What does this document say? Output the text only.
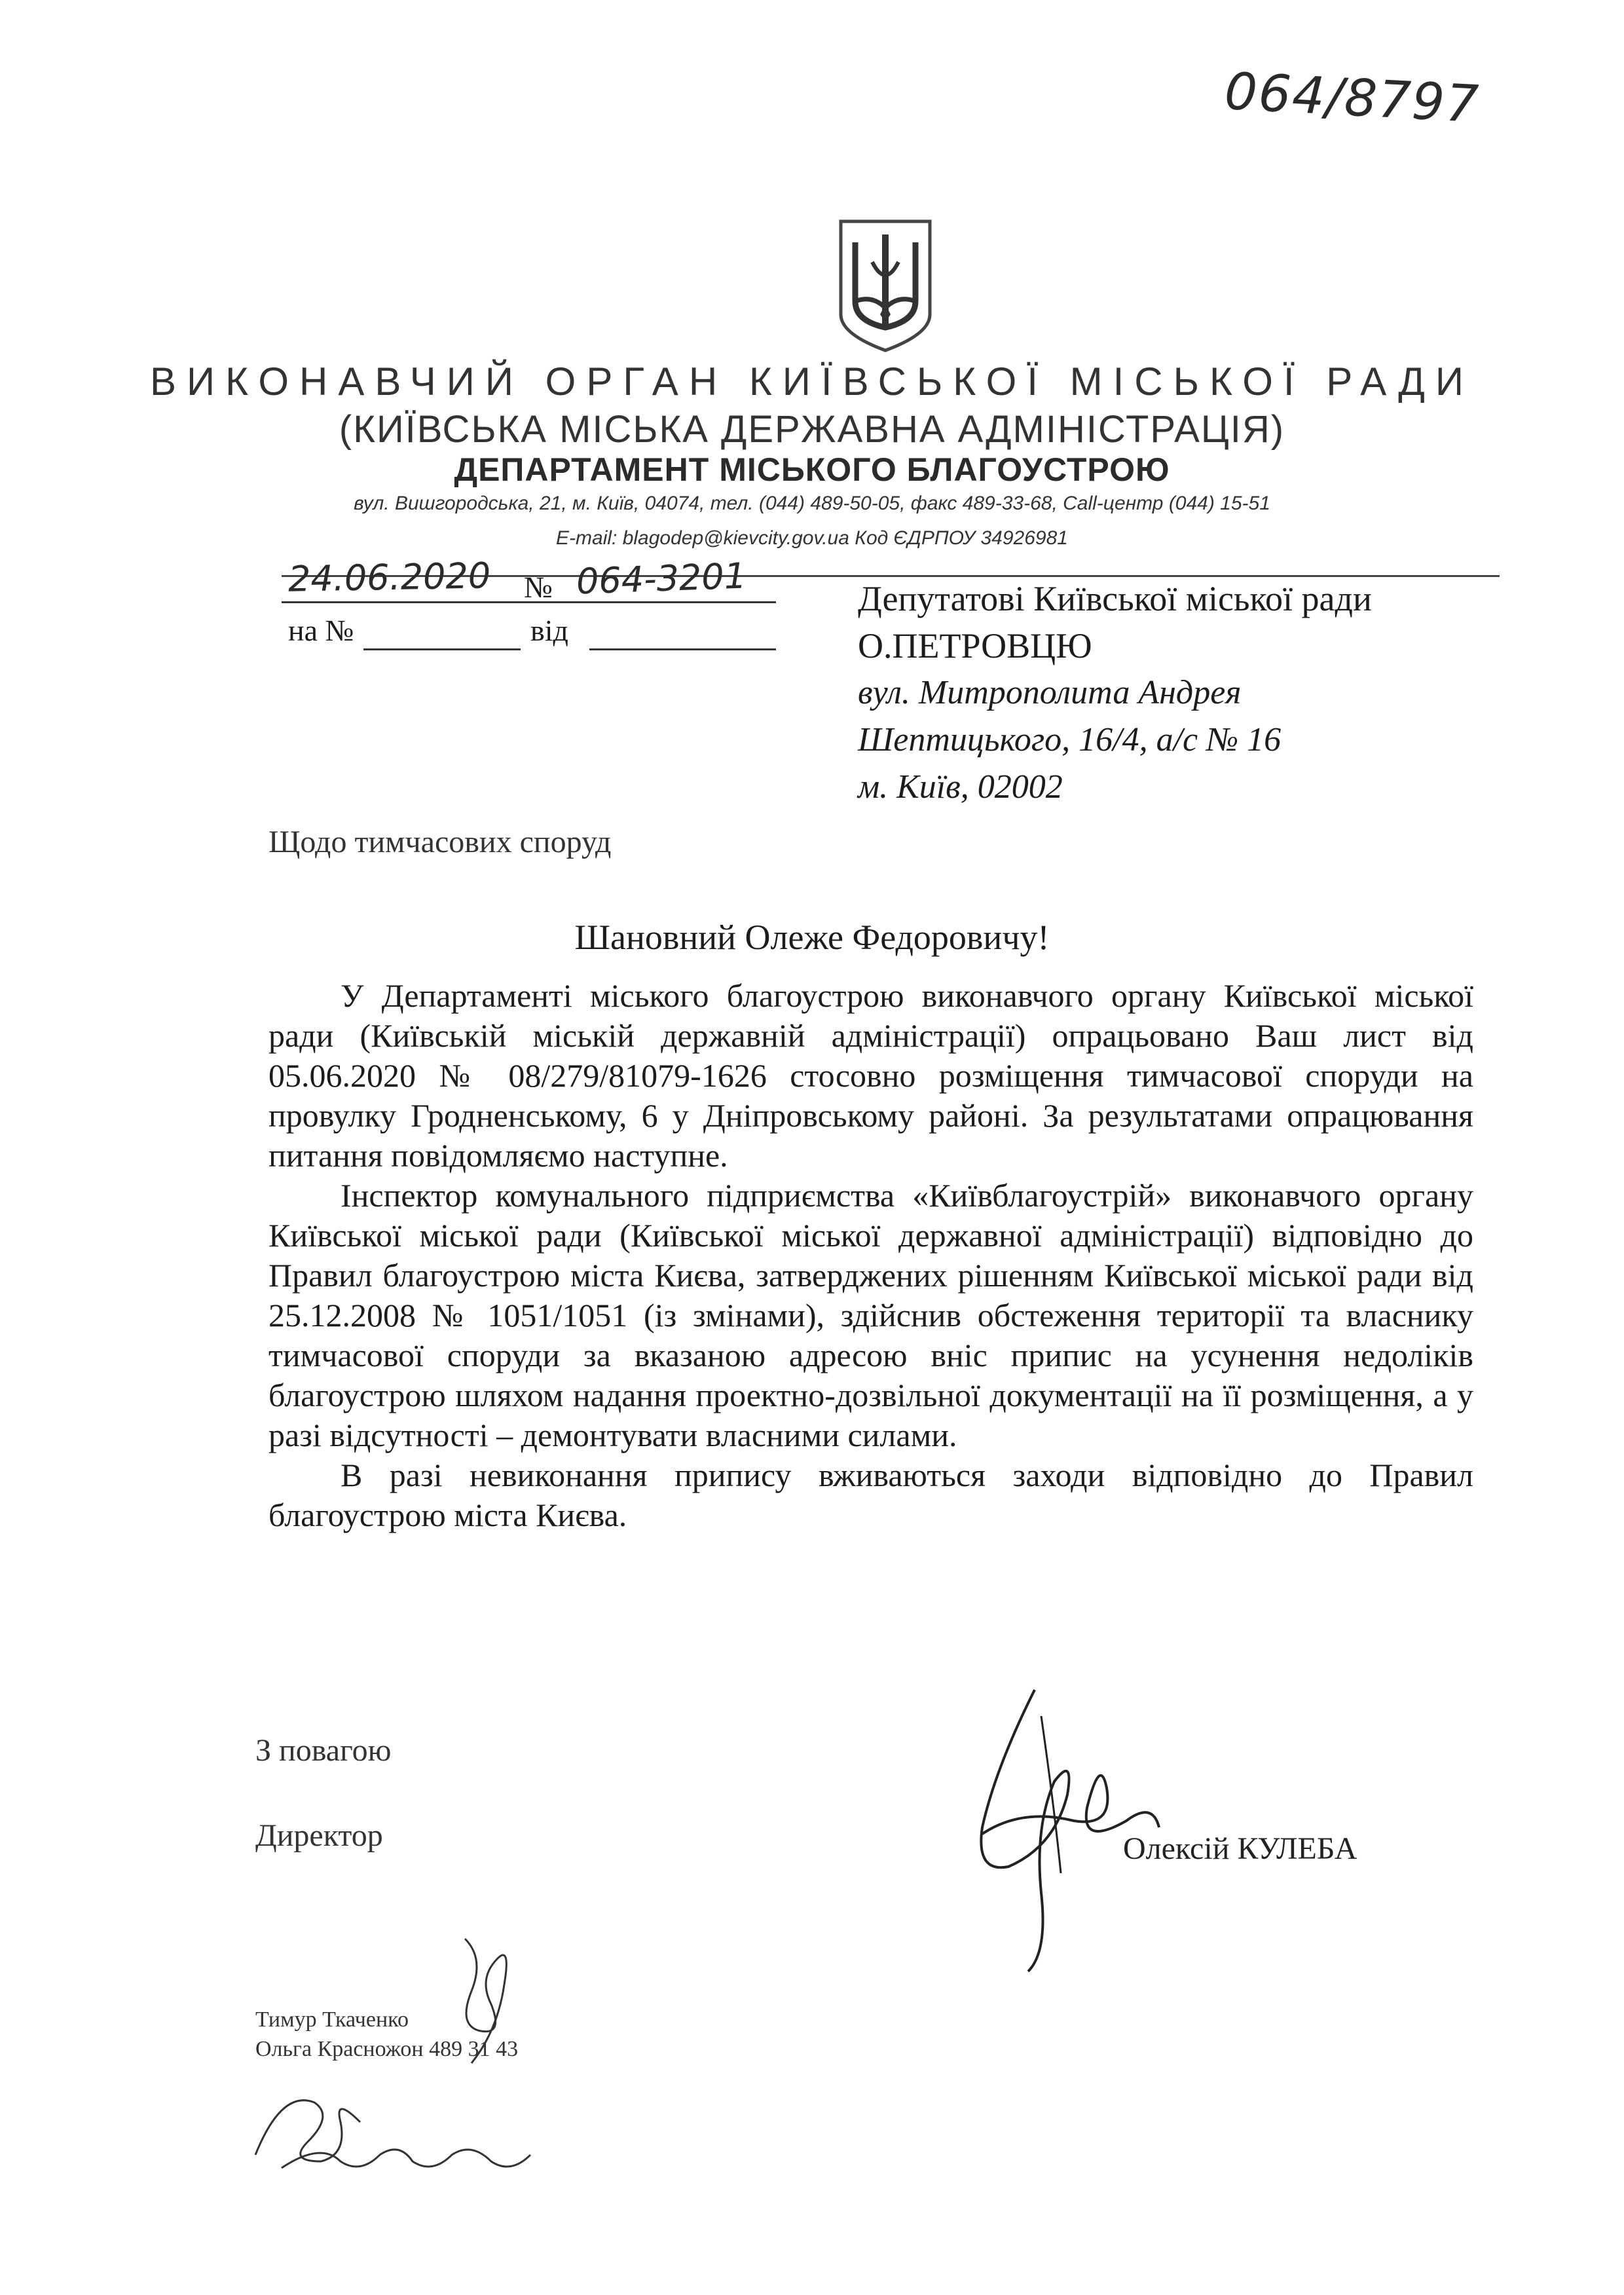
064/8797
ВИКОНАВЧИЙ ОРГАН КИЇВСЬКОЇ МІСЬКОЇ РАДИ
(КИЇВСЬКА МІСЬКА ДЕРЖАВНА АДМІНІСТРАЦІЯ)
ДЕПАРТАМЕНТ МІСЬКОГО БЛАГОУСТРОЮ
вул. Вишгородська, 21, м. Київ, 04074, тел. (044) 489-50-05, факс 489-33-68, Call-центр (044) 15-51
E-mail: blagodep@kievcity.gov.ua Код ЄДРПОУ 34926981
24.06.2020 № 064-3201
на №	від
Депутатові Київської міської ради
О.ПЕТРОВЦЮ
вул. Митрополита Андрея
Шептицького, 16/4, а/с № 16
м. Київ, 02002
Щодо тимчасових споруд
Шановний Олеже Федоровичу!

У Департаменті міського благоустрою виконавчого органу Київської міської ради (Київській міській державній адміністрації) опрацьовано Ваш лист від 05.06.2020 № 08/279/81079-1626 стосовно розміщення тимчасової споруди на провулку Гродненському, 6 у Дніпровському районі. За результатами опрацювання питання повідомляємо наступне.

Інспектор комунального підприємства «Київблагоустрій» виконавчого органу Київської міської ради (Київської міської державної адміністрації) відповідно до Правил благоустрою міста Києва, затверджених рішенням Київської міської ради від 25.12.2008 № 1051/1051 (із змінами), здійснив обстеження території та власнику тимчасової споруди за вказаною адресою вніс припис на усунення недоліків благоустрою шляхом надання проектно-дозвільної документації на її розміщення, а у разі відсутності – демонтувати власними силами.

В разі невиконання припису вживаються заходи відповідно до Правил благоустрою міста Києва.

З повагою
Директор	Олексій КУЛЕБА
Тимур Ткаченко
Ольга Красножон 489 31 43
